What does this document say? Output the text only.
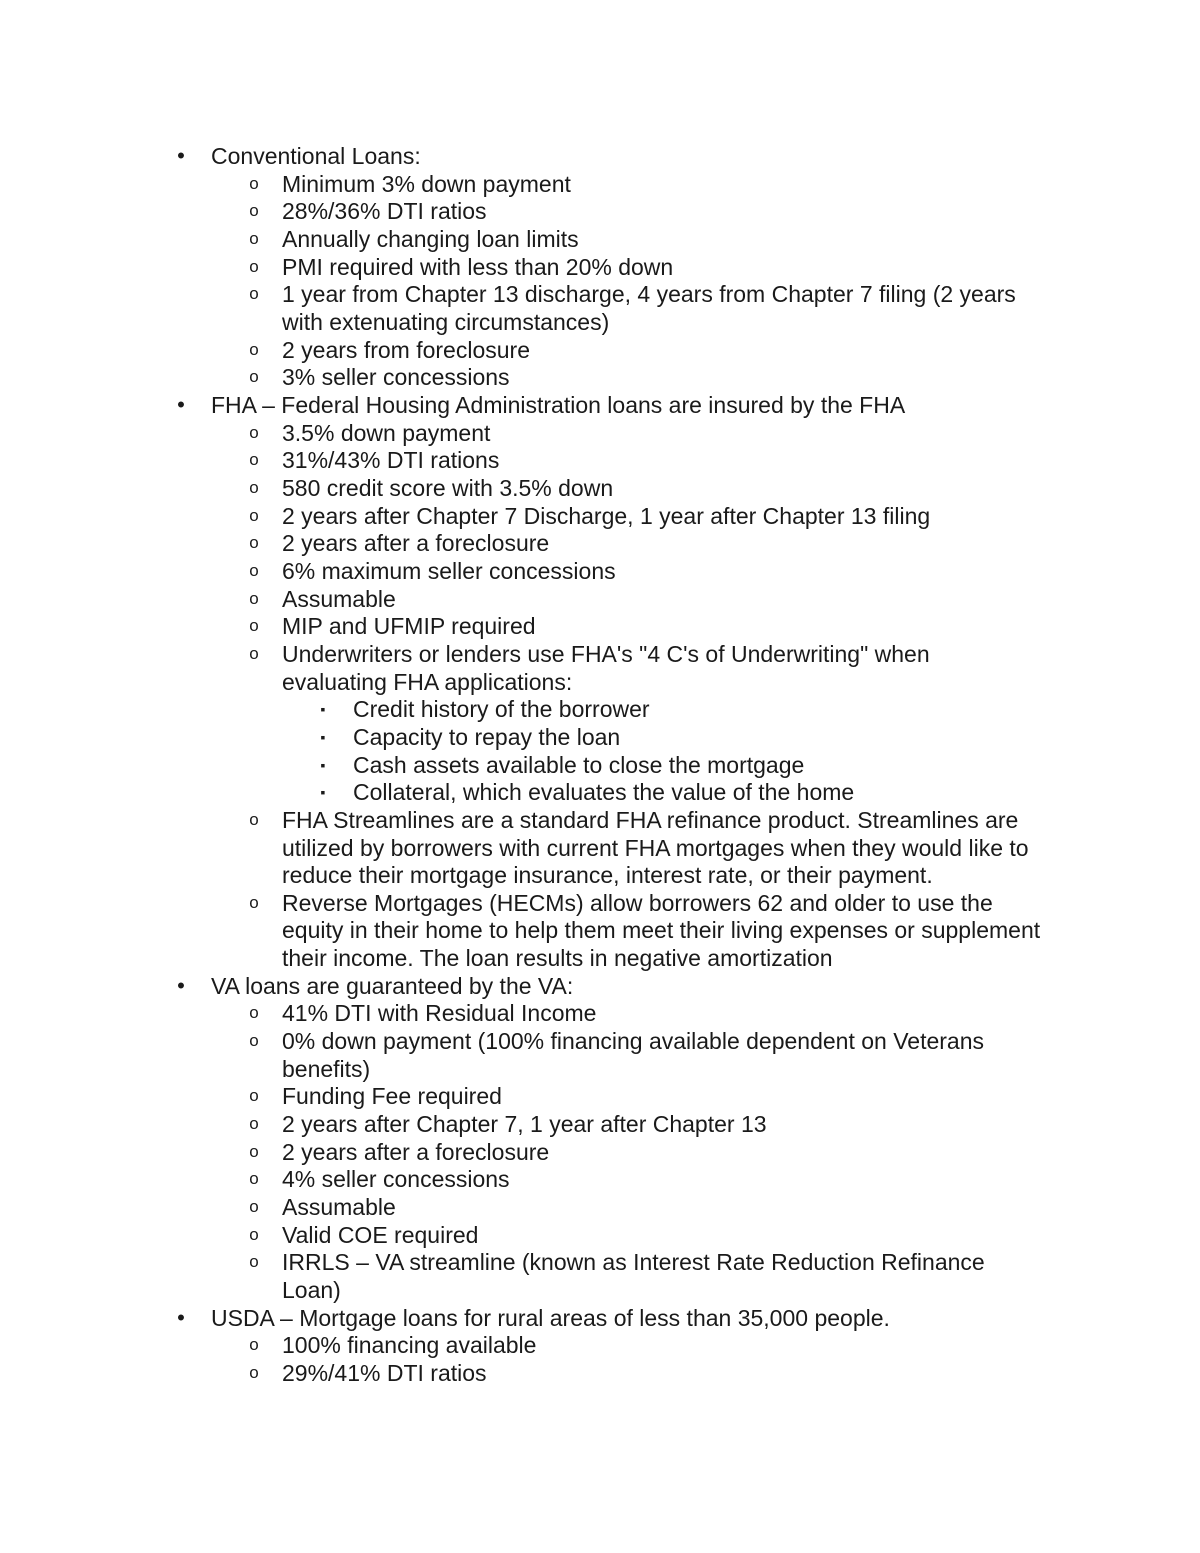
• Conventional Loans:
o Minimum 3% down payment
o 28%/36% DTI ratios
o Annually changing loan limits
o PMI required with less than 20% down
o 1 year from Chapter 13 discharge, 4 years from Chapter 7 filing (2 years
with extenuating circumstances)
o 2 years from foreclosure
o 3% seller concessions
• FHA – Federal Housing Administration loans are insured by the FHA
o 3.5% down payment
o 31%/43% DTI rations
o 580 credit score with 3.5% down
o 2 years after Chapter 7 Discharge, 1 year after Chapter 13 filing
o 2 years after a foreclosure
o 6% maximum seller concessions
o Assumable
o MIP and UFMIP required
o Underwriters or lenders use FHA's "4 C's of Underwriting" when
evaluating FHA applications:
▪ Credit history of the borrower
▪ Capacity to repay the loan
▪ Cash assets available to close the mortgage
▪ Collateral, which evaluates the value of the home
o FHA Streamlines are a standard FHA refinance product. Streamlines are
utilized by borrowers with current FHA mortgages when they would like to
reduce their mortgage insurance, interest rate, or their payment.
o Reverse Mortgages (HECMs) allow borrowers 62 and older to use the
equity in their home to help them meet their living expenses or supplement
their income. The loan results in negative amortization
• VA loans are guaranteed by the VA:
o 41% DTI with Residual Income
o 0% down payment (100% financing available dependent on Veterans
benefits)
o Funding Fee required
o 2 years after Chapter 7, 1 year after Chapter 13
o 2 years after a foreclosure
o 4% seller concessions
o Assumable
o Valid COE required
o IRRLS – VA streamline (known as Interest Rate Reduction Refinance
Loan)
• USDA – Mortgage loans for rural areas of less than 35,000 people.
o 100% financing available
o 29%/41% DTI ratios
